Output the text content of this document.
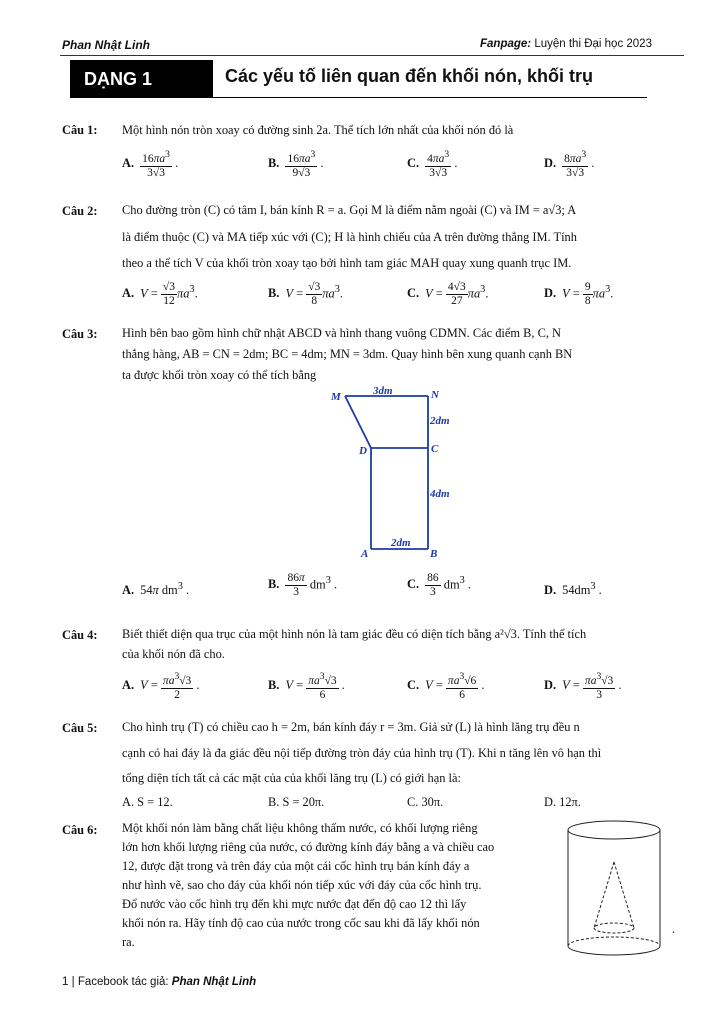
Phan Nhật Linh	Fanpage: Luyện thi Đại học 2023
DẠNG 1	Các yếu tố liên quan đến khối nón, khối trụ
Câu 1: Một hình nón tròn xoay có đường sinh 2a. Thể tích lớn nhất của khối nón đó là
A. $\frac{16\pi a^3}{3√3}$ .	B. $\frac{16\pi a^3}{9√3}$ .	C. $\frac{4\pi a^3}{3√3}$ .	D. $\frac{8\pi a^3}{3√3}$ .
Câu 2: Cho đường tròn (C) có tâm I, bán kính R = a. Gọi M là điểm nằm ngoài (C) và IM = a√3; A
là điểm thuộc (C) và MA tiếp xúc với (C); H là hình chiếu của A trên đường thẳng IM. Tính
theo a thể tích V của khối tròn xoay tạo bởi hình tam giác MAH quay xung quanh trục IM.
A. $V = \frac{√3}{12} \pi a^3$.	B. $V = \frac{√3}{8} \pi a^3$.	C. $V = \frac{4√3}{27} \pi a^3$.	D. $V = \frac{9}{8} \pi a^3$.
Câu 3: Hình bên bao gồm hình chữ nhật ABCD và hình thang vuông CDMN. Các điểm B, C, N
thẳng hàng, AB = CN = 2dm; BC = 4dm; MN = 3dm. Quay hình bên xung quanh cạnh BN
ta được khối tròn xoay có thể tích bằng
M	N
D	C
A	B
3dm
2dm
4dm
2dm
A. 54π $dm^3$ .	B. $\frac{86\pi}{3} dm^3$ .	C. $\frac{86}{3} dm^3$ .	D. $54dm^3$ .
Câu 4: Biết thiết diện qua trục của một hình nón là tam giác đều có diện tích bằng a²√3. Tính thể tích
của khối nón đã cho.
A. $V = \frac{\pi a^3√3}{2}$ .	B. $V = \frac{\pi a^3√3}{6}$ .	C. $V = \frac{\pi a^3√6}{6}$ .	D. $V = \frac{\pi a^3√3}{3}$ .
Câu 5: Cho hình trụ (T) có chiều cao h = 2m, bán kính đáy r = 3m. Giả sử (L) là hình lăng trụ đều n
cạnh có hai đáy là đa giác đều nội tiếp đường tròn đáy của hình trụ (T). Khi n tăng lên vô hạn thì
tổng diện tích tất cả các mặt của của khối lăng trụ (L) có giới hạn là:
A. S = 12.	B. S = 20π.	C. 30π.	D. 12π.
Câu 6: Một khối nón làm bằng chất liệu không thấm nước, có khối lượng riêng
lớn hơn khối lượng riêng của nước, có đường kính đáy bằng a và chiều cao
12, được đặt trong và trên đáy của một cái cốc hình trụ bán kính đáy a
như hình vẽ, sao cho đáy của khối nón tiếp xúc với đáy của cốc hình trụ.
Đổ nước vào cốc hình trụ đến khi mực nước đạt đến độ cao 12 thì lấy
khối nón ra. Hãy tính độ cao của nước trong cốc sau khi đã lấy khối nón
ra.
.
1 | Facebook tác giả: Phan Nhật Linh
